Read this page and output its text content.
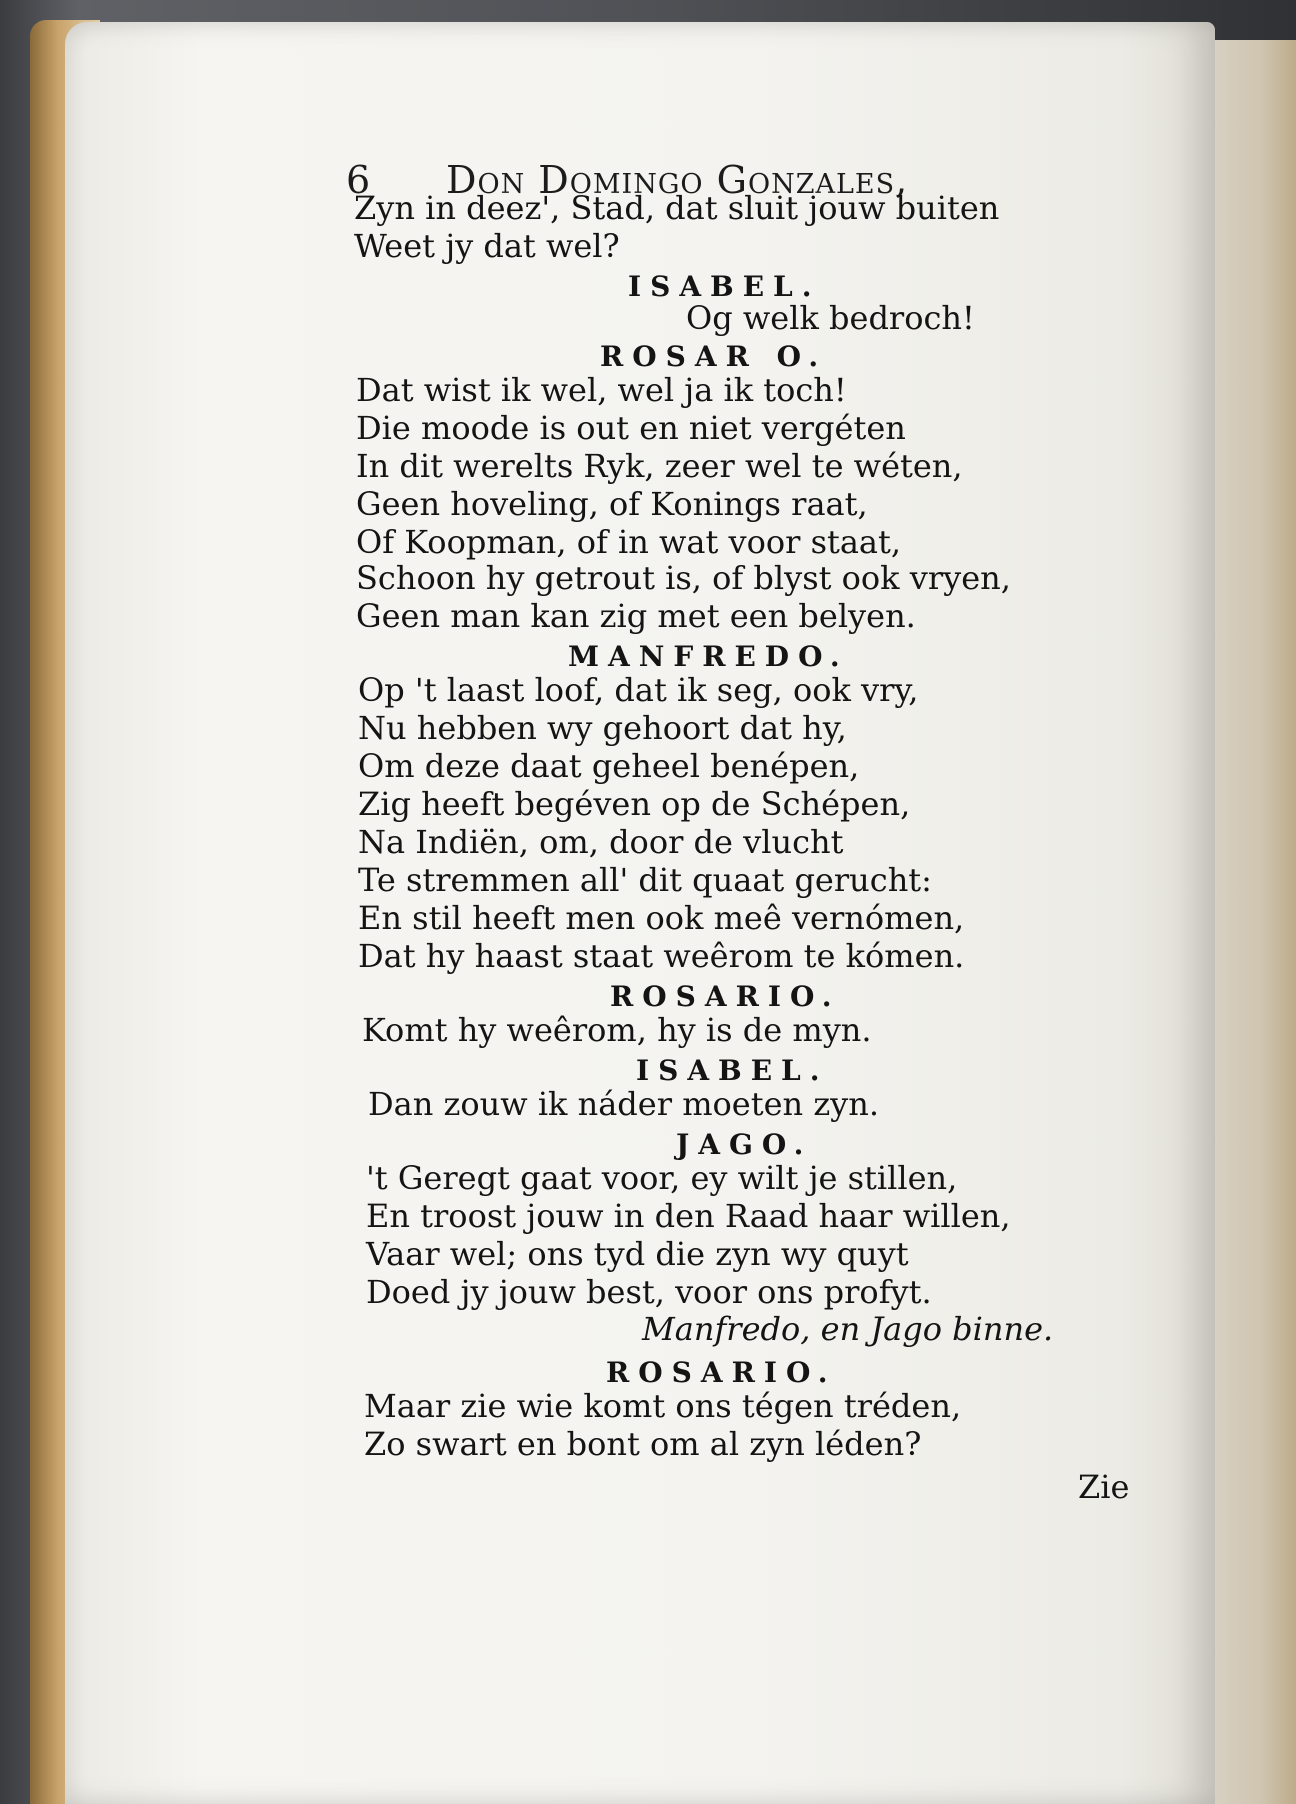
6 Don Domingo Gonzales,
Zyn in deez', Stad, dat sluit jouw buiten
Weet jy dat wel?
ISABEL.
Og welk bedroch!
ROSAR O.
Dat wist ik wel, wel ja ik toch!
Die moode is out en niet vergéten
In dit werelts Ryk, zeer wel te wéten,
Geen hoveling, of Konings raat,
Of Koopman, of in wat voor staat,
Schoon hy getrout is, of blyst ook vryen,
Geen man kan zig met een belyen.
MANFREDO.
Op 't laast loof, dat ik seg, ook vry,
Nu hebben wy gehoort dat hy,
Om deze daat geheel benépen,
Zig heeft begéven op de Schépen,
Na Indiën, om, door de vlucht
Te stremmen all' dit quaat gerucht:
En stil heeft men ook meê vernómen,
Dat hy haast staat weêrom te kómen.
ROSARIO.
Komt hy weêrom, hy is de myn.
ISABEL.
Dan zouw ik náder moeten zyn.
JAGO.
't Geregt gaat voor, ey wilt je stillen,
En troost jouw in den Raad haar willen,
Vaar wel; ons tyd die zyn wy quyt
Doed jy jouw best, voor ons profyt.
Manfredo, en Jago binne.
ROSARIO.
Maar zie wie komt ons tégen tréden,
Zo swart en bont om al zyn léden?
Zie
